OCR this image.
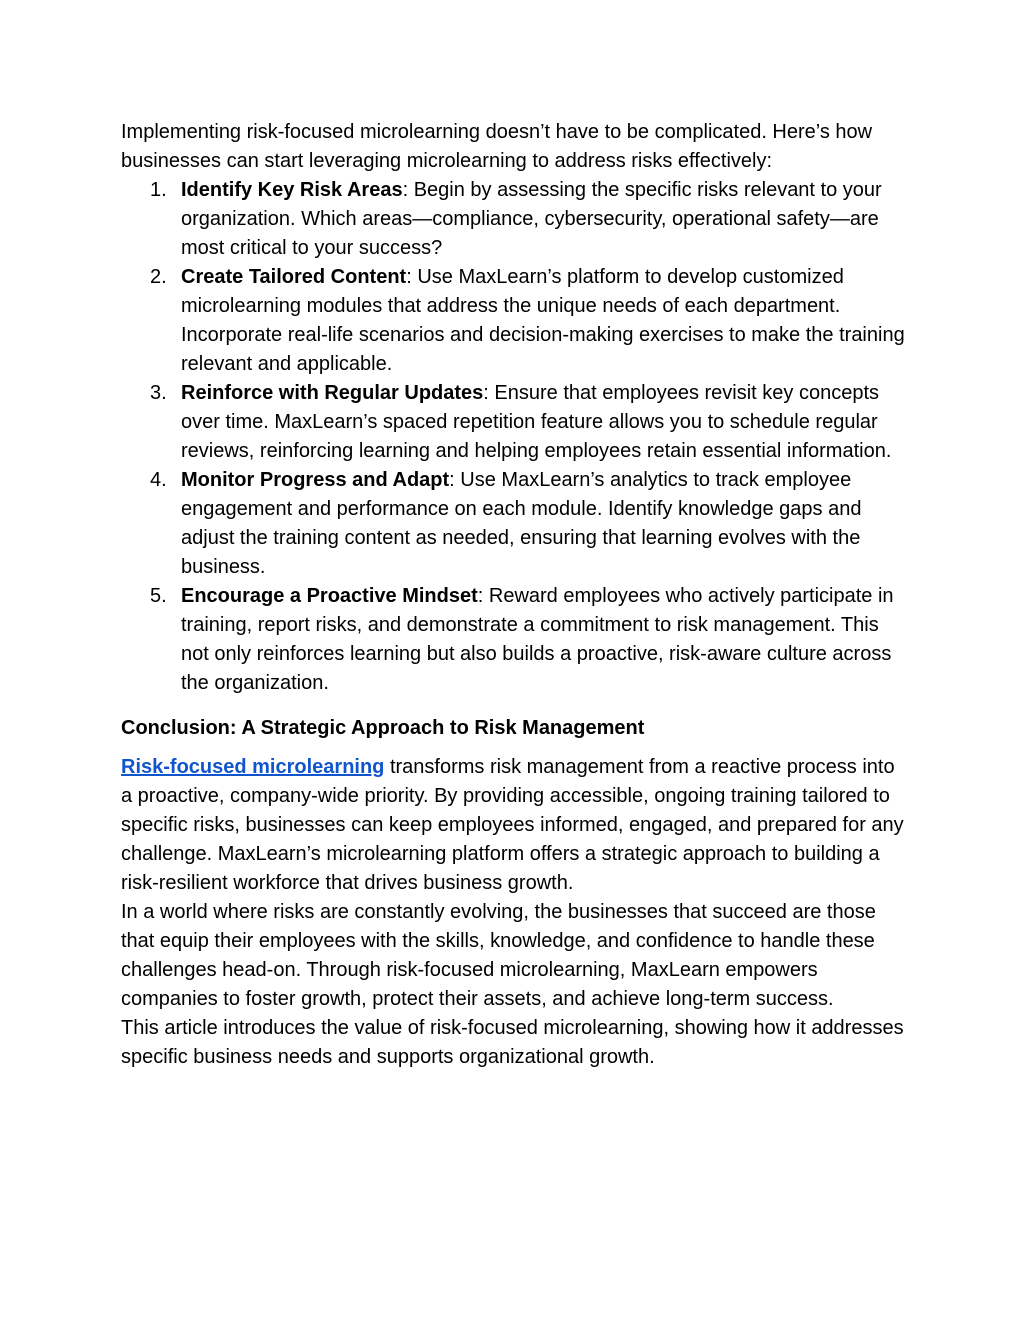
Implementing risk-focused microlearning doesn’t have to be complicated. Here’s how businesses can start leveraging microlearning to address risks effectively:

1. Identify Key Risk Areas: Begin by assessing the specific risks relevant to your organization. Which areas—compliance, cybersecurity, operational safety—are most critical to your success?
2. Create Tailored Content: Use MaxLearn’s platform to develop customized microlearning modules that address the unique needs of each department. Incorporate real-life scenarios and decision-making exercises to make the training relevant and applicable.
3. Reinforce with Regular Updates: Ensure that employees revisit key concepts over time. MaxLearn’s spaced repetition feature allows you to schedule regular reviews, reinforcing learning and helping employees retain essential information.
4. Monitor Progress and Adapt: Use MaxLearn’s analytics to track employee engagement and performance on each module. Identify knowledge gaps and adjust the training content as needed, ensuring that learning evolves with the business.
5. Encourage a Proactive Mindset: Reward employees who actively participate in training, report risks, and demonstrate a commitment to risk management. This not only reinforces learning but also builds a proactive, risk-aware culture across the organization.
Conclusion: A Strategic Approach to Risk Management

Risk-focused microlearning transforms risk management from a reactive process into a proactive, company-wide priority. By providing accessible, ongoing training tailored to specific risks, businesses can keep employees informed, engaged, and prepared for any challenge. MaxLearn’s microlearning platform offers a strategic approach to building a risk-resilient workforce that drives business growth.

In a world where risks are constantly evolving, the businesses that succeed are those that equip their employees with the skills, knowledge, and confidence to handle these challenges head-on. Through risk-focused microlearning, MaxLearn empowers companies to foster growth, protect their assets, and achieve long-term success.

This article introduces the value of risk-focused microlearning, showing how it addresses specific business needs and supports organizational growth.
